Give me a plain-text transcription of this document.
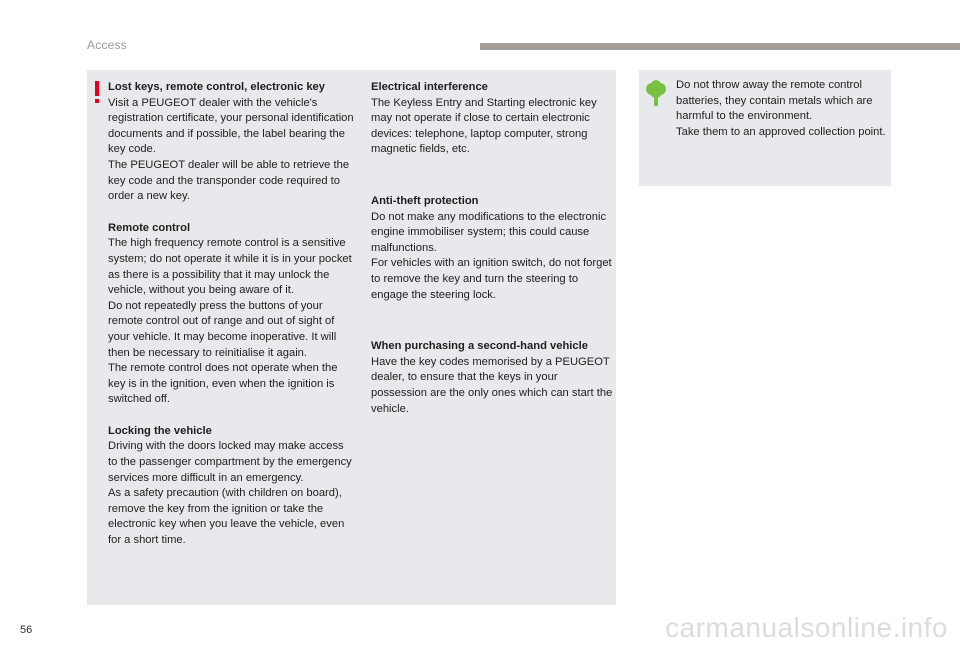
Access
Lost keys, remote control, electronic key
Visit a PEUGEOT dealer with the vehicle's registration certificate, your personal identification documents and if possible, the label bearing the key code.
The PEUGEOT dealer will be able to retrieve the key code and the transponder code required to order a new key.
Remote control
The high frequency remote control is a sensitive system; do not operate it while it is in your pocket as there is a possibility that it may unlock the vehicle, without you being aware of it.
Do not repeatedly press the buttons of your remote control out of range and out of sight of your vehicle. It may become inoperative. It will then be necessary to reinitialise it again.
The remote control does not operate when the key is in the ignition, even when the ignition is switched off.
Locking the vehicle
Driving with the doors locked may make access to the passenger compartment by the emergency services more difficult in an emergency.
As a safety precaution (with children on board), remove the key from the ignition or take the electronic key when you leave the vehicle, even for a short time.
Electrical interference
The Keyless Entry and Starting electronic key may not operate if close to certain electronic devices: telephone, laptop computer, strong magnetic fields, etc.
Anti-theft protection
Do not make any modifications to the electronic engine immobiliser system; this could cause malfunctions.
For vehicles with an ignition switch, do not forget to remove the key and turn the steering to engage the steering lock.
When purchasing a second-hand vehicle
Have the key codes memorised by a PEUGEOT dealer, to ensure that the keys in your possession are the only ones which can start the vehicle.
Do not throw away the remote control batteries, they contain metals which are harmful to the environment.
Take them to an approved collection point.
56	carmanualsonline.info
